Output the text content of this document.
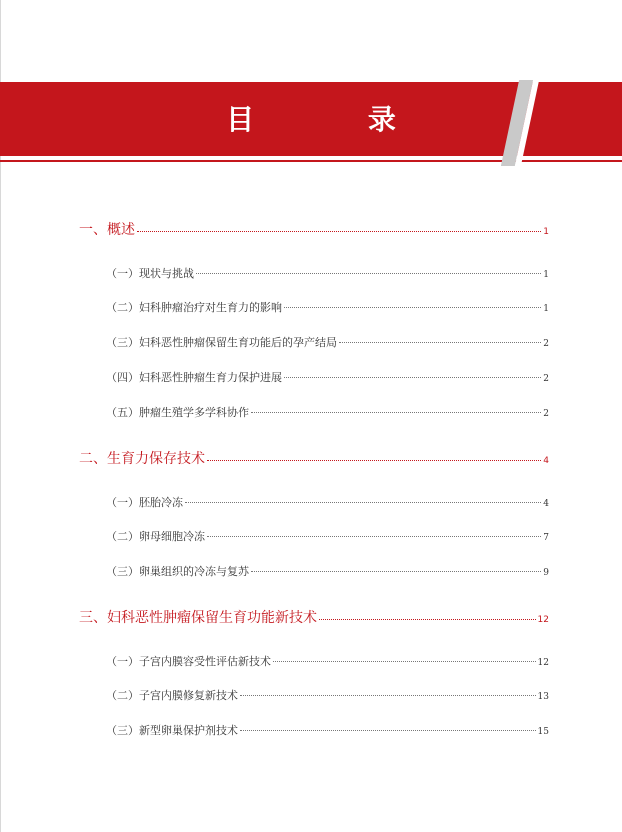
目 录
一、概述	1
（一）现状与挑战	1
（二）妇科肿瘤治疗对生育力的影响	1
（三）妇科恶性肿瘤保留生育功能后的孕产结局	2
（四）妇科恶性肿瘤生育力保护进展	2
（五）肿瘤生殖学多学科协作	2
二、生育力保存技术	4
（一）胚胎冷冻	4
（二）卵母细胞冷冻	7
（三）卵巢组织的冷冻与复苏	9
三、妇科恶性肿瘤保留生育功能新技术	12
（一）子宫内膜容受性评估新技术	12
（二）子宫内膜修复新技术	13
（三）新型卵巢保护剂技术	15
